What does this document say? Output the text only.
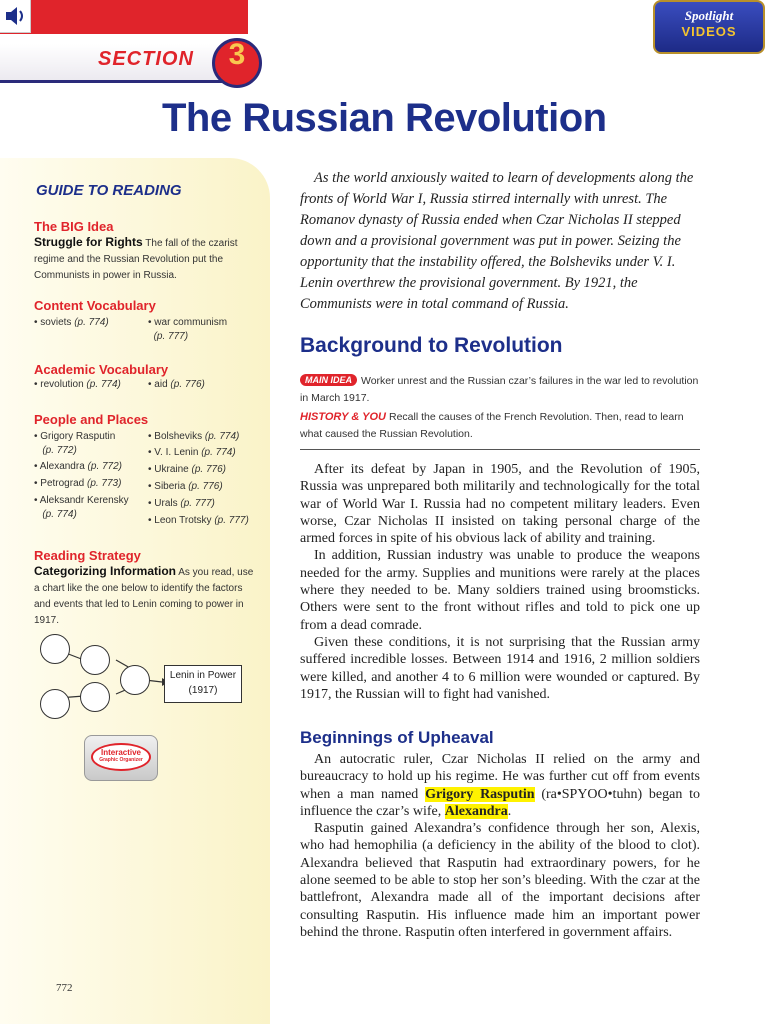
SECTION	3
Spotlight
VIDEOS
The Russian Revolution
GUIDE TO READING
The BIG Idea
Struggle for Rights The fall of the czarist regime and the Russian Revolution put the Communists in power in Russia.
Content Vocabulary
• soviets (p. 774)	• war communism
(p. 777)
Academic Vocabulary
• revolution (p. 774)	• aid (p. 776)
People and Places
• Grigory Rasputin
(p. 772)
• Alexandra (p. 772)
• Petrograd (p. 773)
• Aleksandr Kerensky
(p. 774)
• Bolsheviks (p. 774)
• V. I. Lenin (p. 774)
• Ukraine (p. 776)
• Siberia (p. 776)
• Urals (p. 777)
• Leon Trotsky (p. 777)
Reading Strategy
Categorizing Information As you read, use a chart like the one below to identify the factors and events that led to Lenin coming to power in 1917.
Lenin in Power
(1917)
Interactive
Graphic Organizer
772
As the world anxiously waited to learn of developments along the fronts of World War I, Russia stirred internally with unrest. The Romanov dynasty of Russia ended when Czar Nicholas II stepped down and a provisional government was put in power. Seizing the opportunity that the instability offered, the Bolsheviks under V. I. Lenin overthrew the provisional government. By 1921, the Communists were in total command of Russia.
Background to Revolution
MAIN IDEA Worker unrest and the Russian czar’s failures in the war led to revolution in March 1917.
HISTORY & YOU Recall the causes of the French Revolution. Then, read to learn what caused the Russian Revolution.

After its defeat by Japan in 1905, and the Revolution of 1905, Russia was unprepared both militarily and technologically for the total war of World War I. Russia had no competent military leaders. Even worse, Czar Nicholas II insisted on taking personal charge of the armed forces in spite of his obvious lack of ability and training.

In addition, Russian industry was unable to produce the weapons needed for the army. Supplies and munitions were rarely at the places where they needed to be. Many soldiers trained using broomsticks. Others were sent to the front without rifles and told to pick one up from a dead comrade.

Given these conditions, it is not surprising that the Russian army suffered incredible losses. Between 1914 and 1916, 2 million soldiers were killed, and another 4 to 6 million were wounded or captured. By 1917, the Russian will to fight had vanished.

Beginnings of Upheaval

An autocratic ruler, Czar Nicholas II relied on the army and bureaucracy to hold up his regime. He was further cut off from events when a man named Grigory Rasputin (ra•SPYOO•tuhn) began to influence the czar’s wife, Alexandra.

Rasputin gained Alexandra’s confidence through her son, Alexis, who had hemophilia (a deficiency in the ability of the blood to clot). Alexandra believed that Rasputin had extraordinary powers, for he alone seemed to be able to stop her son’s bleeding. With the czar at the battlefront, Alexandra made all of the important decisions after consulting Rasputin. His influence made him an important power behind the throne. Rasputin often interfered in government affairs.
